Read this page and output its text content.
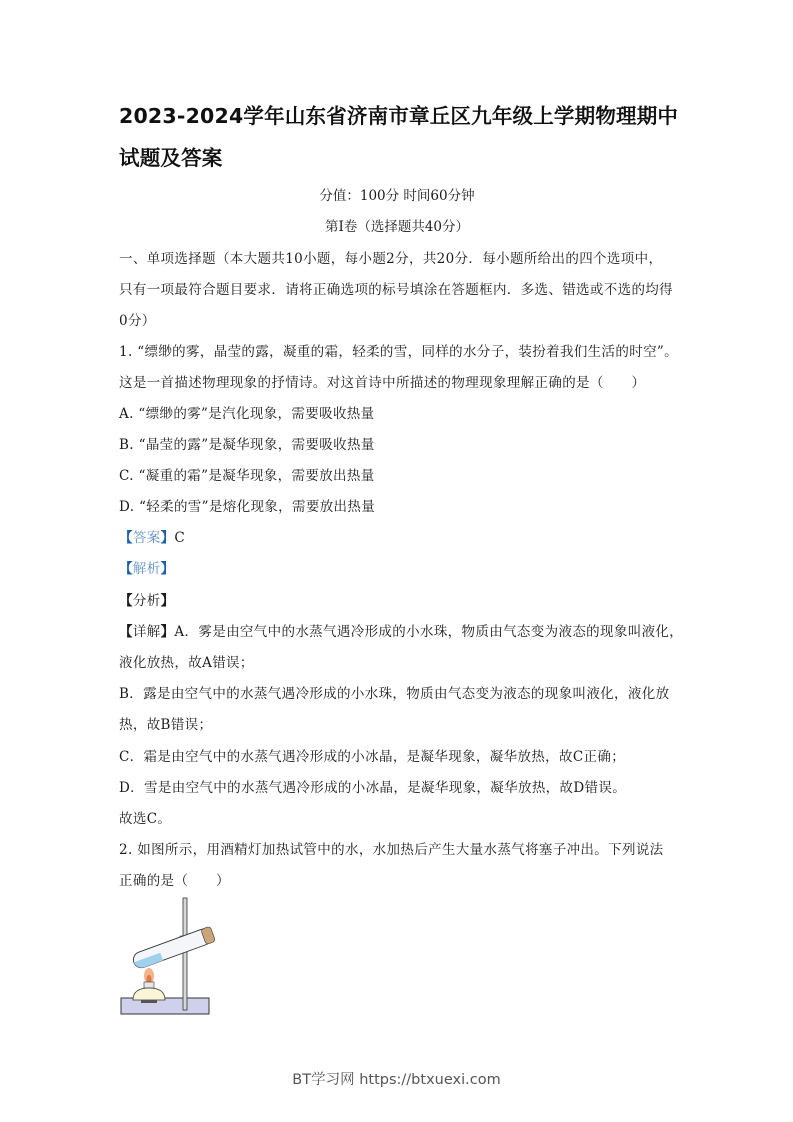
2023-2024学年山东省济南市章丘区九年级上学期物理期中
试题及答案
分值：100分 时间60分钟
第Ⅰ卷（选择题共40分）
一、单项选择题（本大题共10小题，每小题2分，共20分．每小题所给出的四个选项中，
只有一项最符合题目要求．请将正确选项的标号填涂在答题框内．多选、错选或不选的均得
0分）
1. “缥缈的雾，晶莹的露，凝重的霜，轻柔的雪，同样的水分子，装扮着我们生活的时空”。
这是一首描述物理现象的抒情诗。对这首诗中所描述的物理现象理解正确的是（　　）
A. “缥缈的雾”是汽化现象，需要吸收热量
B. “晶莹的露”是凝华现象，需要吸收热量
C. “凝重的霜”是凝华现象，需要放出热量
D. “轻柔的雪”是熔化现象，需要放出热量
【答案】C
【解析】
【分析】
【详解】A．雾是由空气中的水蒸气遇冷形成的小水珠，物质由气态变为液态的现象叫液化，
液化放热，故A错误；
B．露是由空气中的水蒸气遇冷形成的小水珠，物质由气态变为液态的现象叫液化，液化放
热，故B错误；
C．霜是由空气中的水蒸气遇冷形成的小冰晶，是凝华现象，凝华放热，故C正确；
D．雪是由空气中的水蒸气遇冷形成的小冰晶，是凝华现象，凝华放热，故D错误。
故选C。
2. 如图所示，用酒精灯加热试管中的水，水加热后产生大量水蒸气将塞子冲出。下列说法
正确的是（　　）
BT学习网 https://btxuexi.com
